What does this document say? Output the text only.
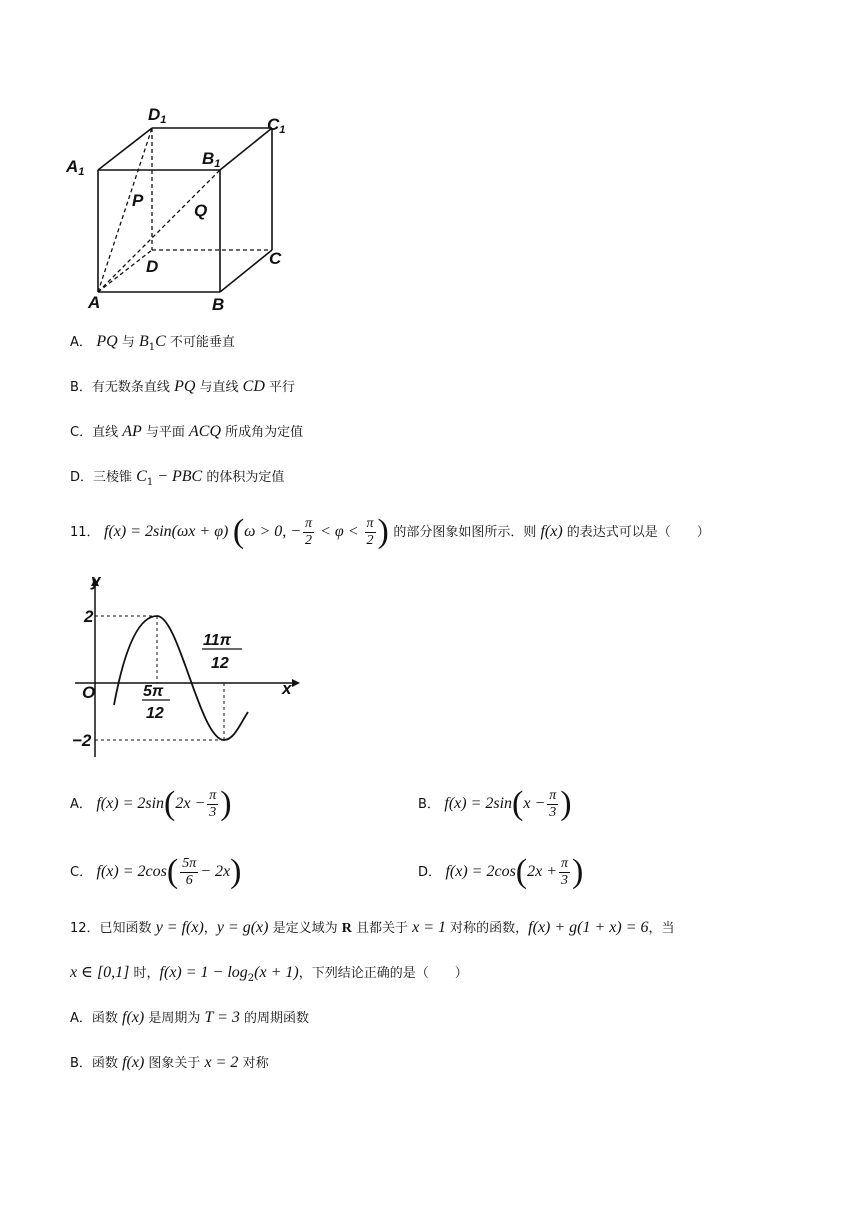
D1	C1
A1
B1
P
Q
D	C
A	B
A． PQ 与 $B_1C$ 不可能垂直
B．有无数条直线 PQ 与直线 CD 平行
C．直线 AP 与平面 ACQ 所成角为定值
D．三棱锥 $C_1$ − PBC 的体积为定值
11． f(x) = 2sin(ωx + φ) (ω > 0, − $\frac{\pi}{2} < \varphi < \frac{\pi}{2}$ ) 的部分图象如图所示．则 f(x) 的表达式可以是（　　）
y
x
O
2
−2
5π
12
11π
12
A． $f(x) = 2\sin(2x - \frac{\pi}{3}$ )	B． $f(x) = 2\sin(x - \frac{\pi}{3}$ )
C． $f(x) = 2\cos( \frac{5\pi}{6} - 2x)$	D． $f(x) = 2\cos(2x + \frac{\pi}{3}$ )
12．已知函数 y = f(x)，y = g(x) 是定义域为 R 且都关于 x = 1 对称的函数，f(x) + g(1 + x) = 6，当
x ∈ [0,1] 时，$f(x) = 1 - \log_2(x + 1)$，下列结论正确的是（　　）
A．函数 f(x) 是周期为 T = 3 的周期函数
B．函数 f(x) 图象关于 x = 2 对称
